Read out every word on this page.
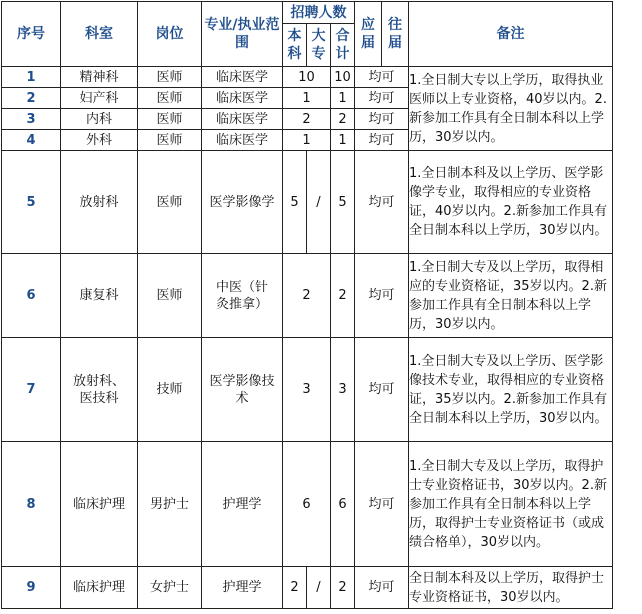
序号	科室	岗位	专业/执业范围	招聘人数			应届	往届	备注
				本科	大专	合计			
1	精神科	医师	临床医学	10		10	均可		1.全日制大专以上学历，取得执业医师以上专业资格，40岁以内。2.新参加工作具有全日制本科以上学历，30岁以内。
2	妇产科	医师	临床医学	1		1	均可		
3	内科	医师	临床医学	2		2	均可		
4	外科	医师	临床医学	1		1	均可		
5	放射科	医师	医学影像学	5	/	5	均可		1.全日制本科及以上学历、医学影像学专业，取得相应的专业资格证，40岁以内。2.新参加工作具有全日制本科以上学历，30岁以内。
6	康复科	医师	中医（针灸推拿）	2		2	均可		1.全日制大专及以上学历，取得相应的专业资格证，35岁以内。2.新参加工作具有全日制本科以上学历，30岁以内。
7	放射科、医技科	技师	医学影像技术	3		3	均可		1.全日制大专及以上学历、医学影像技术专业，取得相应的专业资格证，35岁以内。2.新参加工作具有全日制本科以上学历，30岁以内。
8	临床护理	男护士	护理学	6		6	均可		1.全日制大专及以上学历，取得护士专业资格证书，30岁以内。2.新参加工作具有全日制本科以上学历，取得护士专业资格证书（或成绩合格单），30岁以内。
9	临床护理	女护士	护理学	2	/	2	均可		全日制本科及以上学历，取得护士专业资格证书，30岁以内。
